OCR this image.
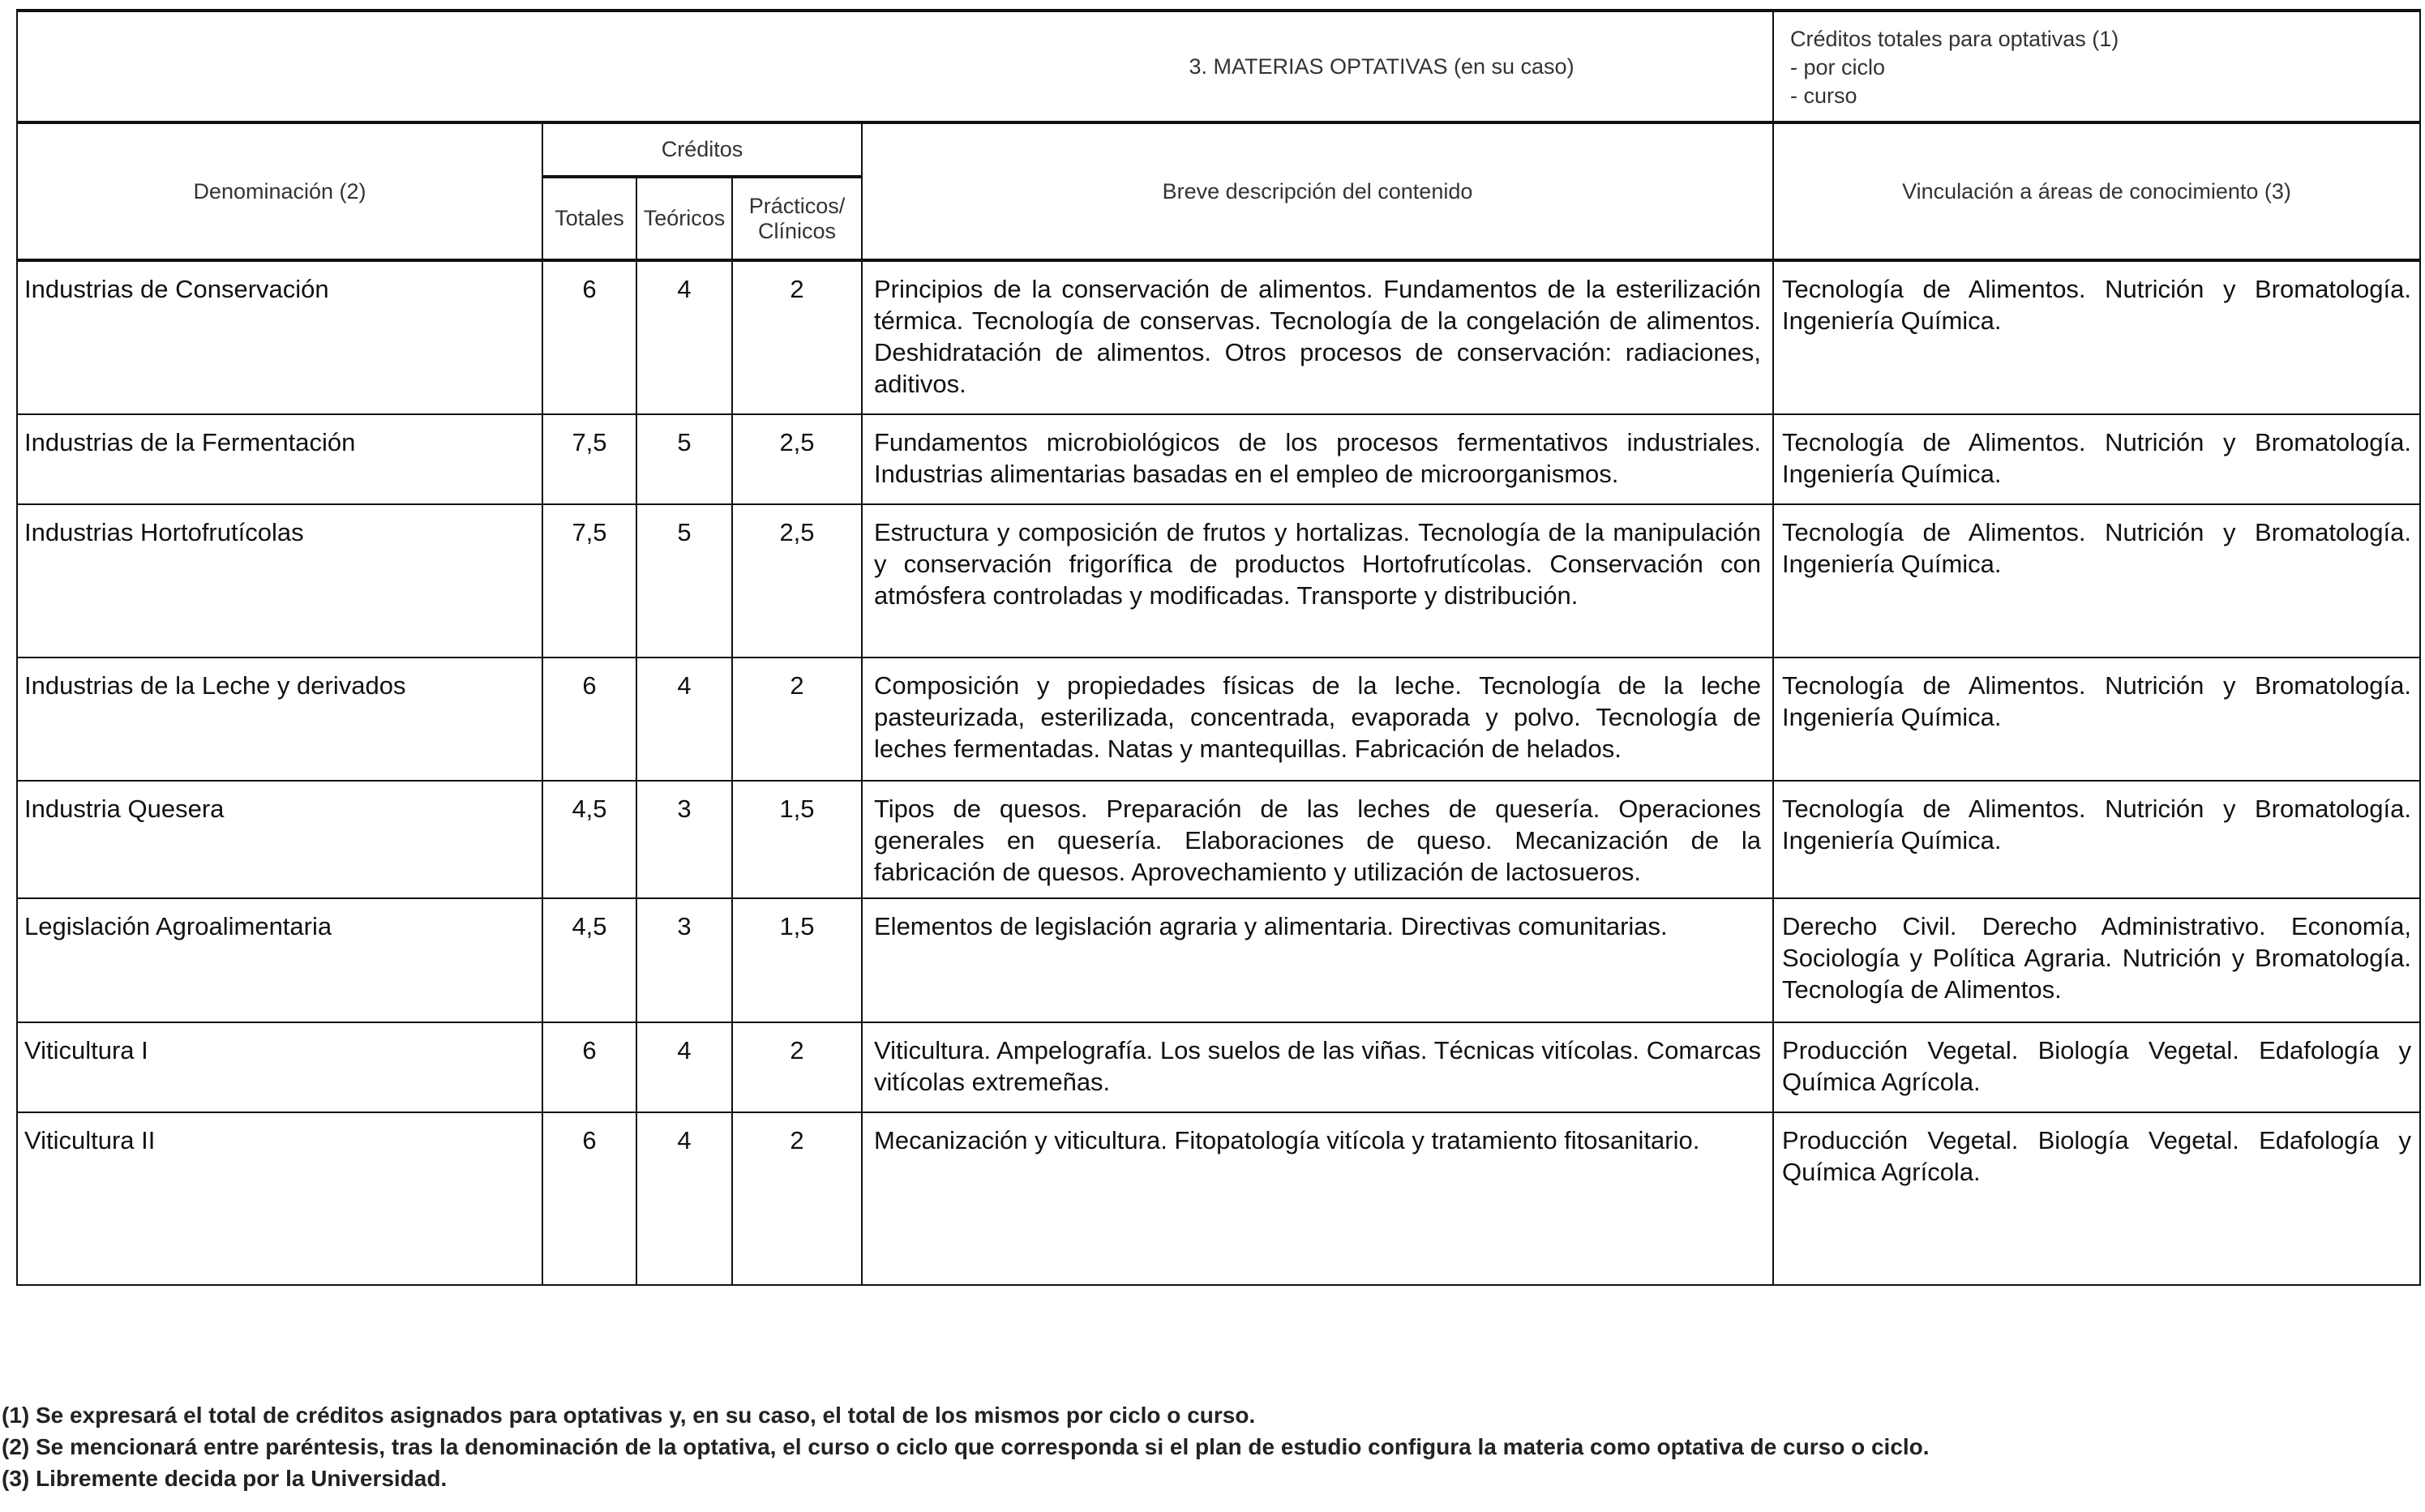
3. MATERIAS OPTATIVAS (en su caso)					Créditos totales para optativas (1)
- por ciclo
- curso

Denominación (2)	Créditos			Breve descripción del contenido	Vinculación a áreas de conocimiento (3)
	Totales	Teóricos	Prácticos/ Clínicos		
Industrias de Conservación	6	4	2	Principios de la conservación de alimentos. Fundamentos de la esterilización térmica. Tecnología de conservas. Tecnología de la congelación de alimentos. Deshidratación de alimentos. Otros procesos de conservación: radiaciones, aditivos.	Tecnología de Alimentos. Nutrición y Bromatología. Ingeniería Química.
Industrias de la Fermentación	7,5	5	2,5	Fundamentos microbiológicos de los procesos fermentativos industriales. Industrias alimentarias basadas en el empleo de microorganismos.	Tecnología de Alimentos. Nutrición y Bromatología. Ingeniería Química.
Industrias Hortofrutícolas	7,5	5	2,5	Estructura y composición de frutos y hortalizas. Tecnología de la manipulación y conservación frigorífica de productos Hortofrutícolas. Conservación con atmósfera controladas y modificadas. Transporte y distribución.	Tecnología de Alimentos. Nutrición y Bromatología. Ingeniería Química.
Industrias de la Leche y derivados	6	4	2	Composición y propiedades físicas de la leche. Tecnología de la leche pasteurizada, esterilizada, concentrada, evaporada y polvo. Tecnología de leches fermentadas. Natas y mantequillas. Fabricación de helados.	Tecnología de Alimentos. Nutrición y Bromatología. Ingeniería Química.
Industria Quesera	4,5	3	1,5	Tipos de quesos. Preparación de las leches de quesería. Operaciones generales en quesería. Elaboraciones de queso. Mecanización de la fabricación de quesos. Aprovechamiento y utilización de lactosueros.	Tecnología de Alimentos. Nutrición y Bromatología. Ingeniería Química.
Legislación Agroalimentaria	4,5	3	1,5	Elementos de legislación agraria y alimentaria. Directivas comunitarias.	Derecho Civil. Derecho Administrativo. Economía, Sociología y Política Agraria. Nutrición y Bromatología. Tecnología de Alimentos.
Viticultura I	6	4	2	Viticultura. Ampelografía. Los suelos de las viñas. Técnicas vitícolas. Comarcas vitícolas extremeñas.	Producción Vegetal. Biología Vegetal. Edafología y Química Agrícola.
Viticultura II	6	4	2	Mecanización y viticultura. Fitopatología vitícola y tratamiento fitosanitario.	Producción Vegetal. Biología Vegetal. Edafología y Química Agrícola.
(1) Se expresará el total de créditos asignados para optativas y, en su caso, el total de los mismos por ciclo o curso.
(2) Se mencionará entre paréntesis, tras la denominación de la optativa, el curso o ciclo que corresponda si el plan de estudio configura la materia como optativa de curso o ciclo.
(3) Libremente decida por la Universidad.
